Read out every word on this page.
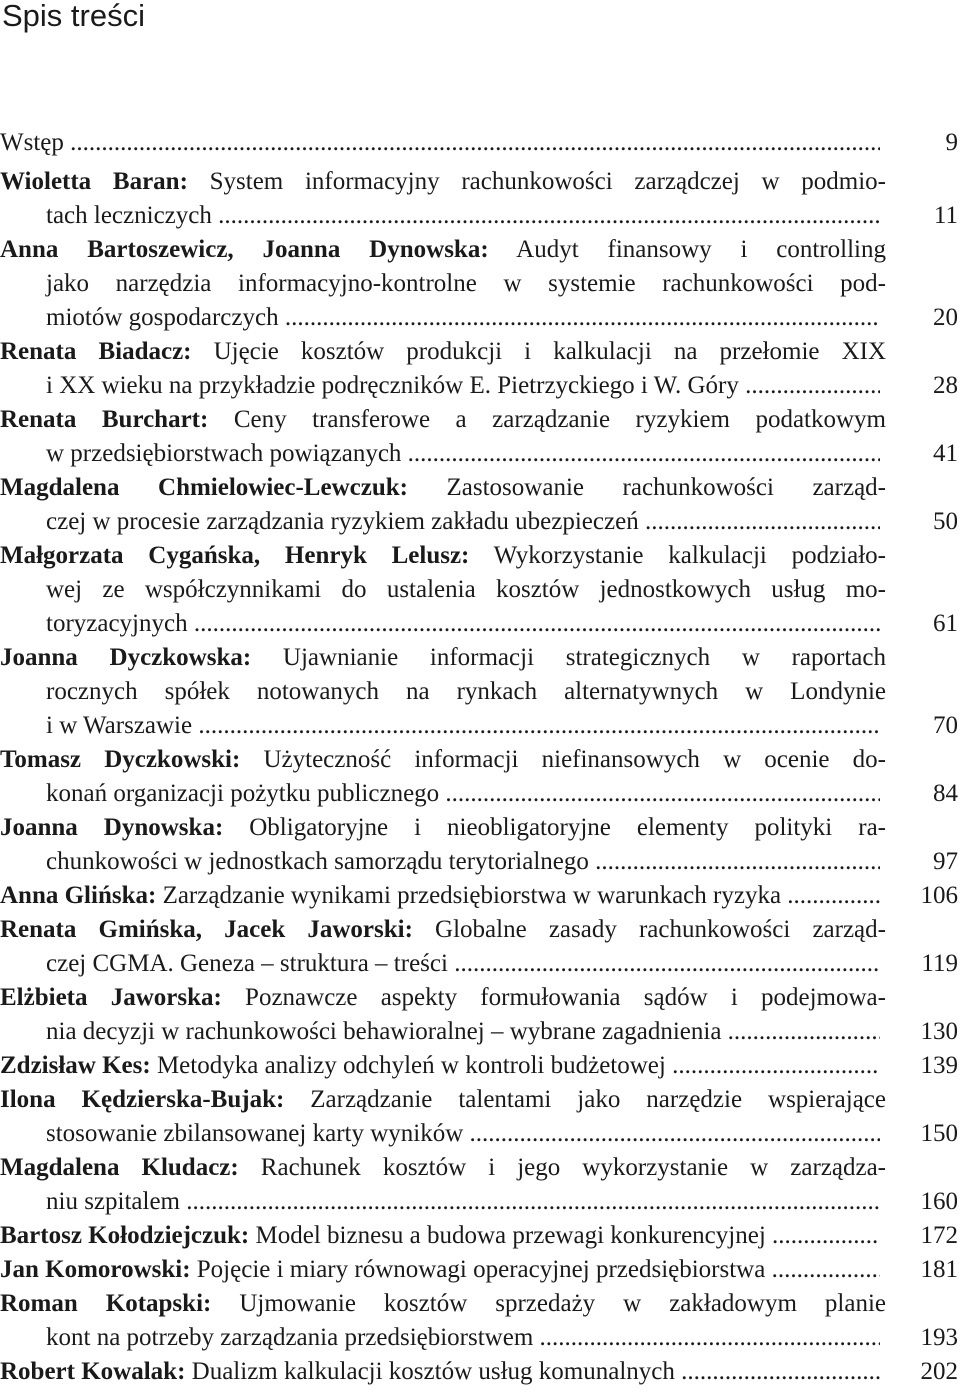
Spis treści
9
Wstęp .....
Wioletta Baran: System informacyjny rachunkowości zarządczej w podmio-
11
tach leczniczych .....
Anna Bartoszewicz, Joanna Dynowska: Audyt finansowy i controlling
jako narzędzia informacyjno-kontrolne w systemie rachunkowości pod-
20
miotów gospodarczych .....
Renata Biadacz: Ujęcie kosztów produkcji i kalkulacji na przełomie XIX
28
i XX wieku na przykładzie podręczników E. Pietrzyckiego i W. Góry .....
Renata Burchart: Ceny transferowe a zarządzanie ryzykiem podatkowym
41
w przedsiębiorstwach powiązanych .....
Magdalena Chmielowiec-Lewczuk: Zastosowanie rachunkowości zarząd-
50
czej w procesie zarządzania ryzykiem zakładu ubezpieczeń .....
Małgorzata Cygańska, Henryk Lelusz: Wykorzystanie kalkulacji podziało-
wej ze współczynnikami do ustalenia kosztów jednostkowych usług mo-
61
toryzacyjnych .....
Joanna Dyczkowska: Ujawnianie informacji strategicznych w raportach
rocznych spółek notowanych na rynkach alternatywnych w Londynie
70
i w Warszawie .....
Tomasz Dyczkowski: Użyteczność informacji niefinansowych w ocenie do-
84
konań organizacji pożytku publicznego .....
Joanna Dynowska: Obligatoryjne i nieobligatoryjne elementy polityki ra-
97
chunkowości w jednostkach samorządu terytorialnego .....
106
Anna Glińska: Zarządzanie wynikami przedsiębiorstwa w warunkach ryzyka .....
Renata Gmińska, Jacek Jaworski: Globalne zasady rachunkowości zarząd-
119
czej CGMA. Geneza – struktura – treści .....
Elżbieta Jaworska: Poznawcze aspekty formułowania sądów i podejmowa-
130
nia decyzji w rachunkowości behawioralnej – wybrane zagadnienia .....
139
Zdzisław Kes: Metodyka analizy odchyleń w kontroli budżetowej .....
Ilona Kędzierska-Bujak: Zarządzanie talentami jako narzędzie wspierające
150
stosowanie zbilansowanej karty wyników .....
Magdalena Kludacz: Rachunek kosztów i jego wykorzystanie w zarządza-
160
niu szpitalem .....
172
Bartosz Kołodziejczuk: Model biznesu a budowa przewagi konkurencyjnej .....
181
Jan Komorowski: Pojęcie i miary równowagi operacyjnej przedsiębiorstwa .....
Roman Kotapski: Ujmowanie kosztów sprzedaży w zakładowym planie
193
kont na potrzeby zarządzania przedsiębiorstwem .....
202
Robert Kowalak: Dualizm kalkulacji kosztów usług komunalnych .....
